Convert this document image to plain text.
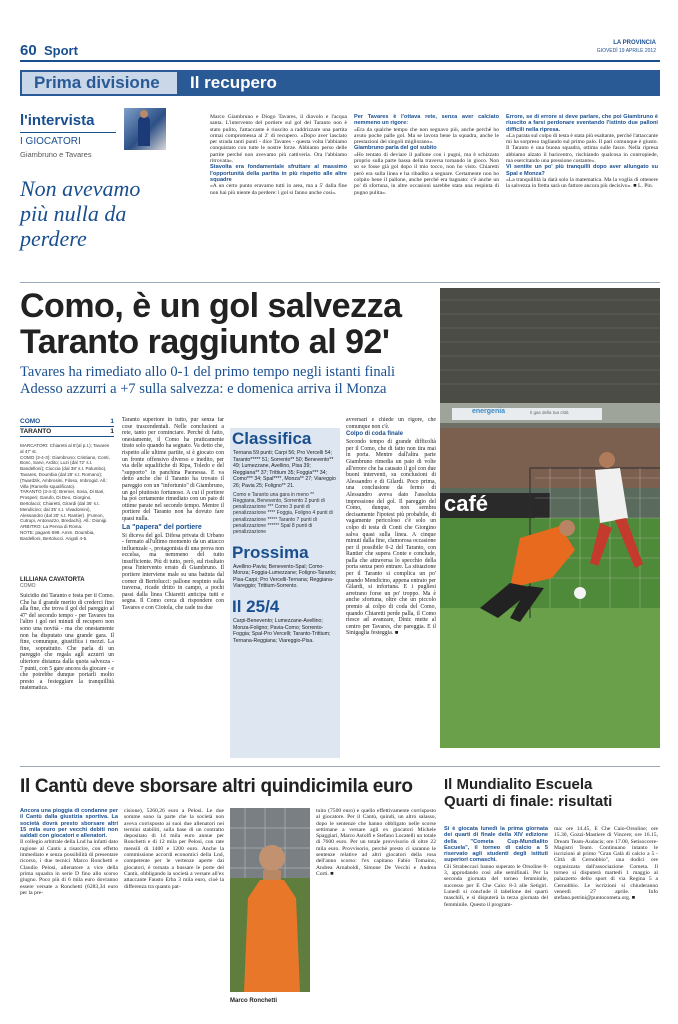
60 Sport	LA PROVINCIA
GIOVEDÌ 19 APRILE 2012
Prima divisione Il recupero
l'intervista
I GIOCATORI
Giambruno e Tavares
Non avevamo più nulla da perdere
Marco Giambruno e Diogo Tavares, il diavolo e l'acqua santa. L'intervento del portiere sul gol del Taranto non è stato pulito, l'attaccante è riuscito a raddrizzare una partita ormai compromessa al 2' di recupero. «Dopo aver lasciato per strada tanti punti - dice Tavares - questa volta l'abbiamo conquistato con tutte le nostre forze. Abbiamo perso delle partite perché non avevamo più cattiveria. Ora l'abbiamo ritrovata».
Stavolta era fondamentale sfruttare al massimo l'opportunità della partita in più rispetto alle altre squadre
«A un certo punto eravamo tutti in area, ma a 5' dalla fine non hai più niente da perdere: i gol si fanno anche così».
Per Tavares è l'ottava rete, senza aver calciato nemmeno un rigore:
«Era da qualche tempo che non segnavo più, anche perché ho avuto poche palle gol. Ma se lavora bene la squadra, anche le prestazioni dei singoli migliorano».
Giambruno parla del gol subito
«Ho tentato di deviare il pallone con i pugni, ma è schizzato proprio sulla parte bassa della traversa tornando in gioco. Non so se fosse già gol dopo il mio tocco, non ho visto. Chiaretti però era sulla linea e ha ribadito a segnare. Certamente non ho colpito bene il pallone, anche perché era bagnato: c'è anche un po' di sfortuna, in altre occasioni sarebbe stata una respinta di pugno pulita».
Errore, se di errore si deve parlare, che poi Giambruno è riuscito a farsi perdonare sventando l'istinto due palloni difficili nella ripresa.
«La parata sul colpo di testa è stata più esaltante, perché l'attaccante mi ha sorpreso tagliando sul primo palo. Il pari comunque è giusto. Il Taranto è una buona squadra, ottima sulle fasce. Nella ripresa abbiamo alzato il baricentro, rischiando qualcosa in contropiede, ma esercitando una pressione costante».
Vi sentite un po' più tranquilli dopo aver allungato su Spal e Monza?
«La tranquillità la darà solo la matematica. Ma la voglia di ottenere la salvezza in fretta sarà un fattore ancora più decisivo». ■ L. Pin.
Como, è un gol salvezza
Taranto raggiunto al 92'
Tavares ha rimediato allo 0-1 del primo tempo negli istanti finali
Adesso azzurri a +7 sulla salvezza: e domenica arriva il Monza
COMO	1
TARANTO	1
MARCATORI: Chiaretti al 5'(al p.t.); Tavares al 47' st.
COMO (3-4-3): Giambruno; Cristiano, Conti, Bonc, Sarvi, Ardito; Luzi (dal 72' s.t. Bandelloni); Ciuccia (dal 38' s.t. Palumbo), Tavares, Doumbia (dal 26' s.t. Romano); (Twardzik, Ambrosini, Filoso, Imbrogid. All.: Villa (Ramello squalificato).
TARANTO (3-4-3): Bremer, Sosa, Di Bari, Prosperi; Garufo, Di Deo, Giorgino, Bertolacci; Chiaretti, Girardi (dal 36' s.t. Mendicino; dal 35' s.t. Vivadomini), Alessandro (dal 20' s.t. Rantier). (Fumon, Cutrupi, Antonazzo, Bredachi). All.: Dionigi.
ARBITRO: La Penna di Roma.
NOTE: paganti 699. Amm. Doumbia, Bardelloni, Bertolucci. Angoli 4-5.
LILLIANA CAVATORTA
COMO
Suicidio del Taranto e festa per il Como. Che ha il grande merito di crederci fino alla fine, che trova il gol del pareggio al 47' del secondo tempo - per Tavares tra l'altro i gol nei minuti di recupero non sono una novità - ma che onestamente non ha disputato una grande gara. Il fine, comunque, giustifica i mezzi. La fine, soprattutto. Che parla di un pareggio che regala agli azzurri un ulteriore distanza dalla quota salvezza - 7 punti, con 5 gare ancora da giocare - e che potrebbe dunque portarli molto presto a festeggiare la tranquillità matematica.
Taranto superiore in tutto, pur senza far cose trascendentali. Nelle conclusioni a rete, tanto per cominciare. Perché di fatto, onestamente, il Como ha praticamente tirato solo quando ha segnato. Va detto che, rispetto alle ultime partite, si è giocato con un fronte offensivo diverso e inedito, per via delle squalifiche di Ripa, Toledo e del "supporto" in panchina Paonessa. E va detto anche che il Taranto ha trovato il pareggio con un "infortunio" di Giambruno, un gol piuttosto fortunoso. A cui il portiere ha poi certamente rimediato con un paio di ottime parate nel secondo tempo. Mentre il portiere del Taranto non ha dovuto fare quasi nulla.
La "papera" del portiere
Si diceva del gol. Difesa privata di Urbano - fermato all'ultimo momento da un attacco influenzale -, protagonista di una prova non eccelsa, ma nemmeno del tutto insufficiente. Più di tutto, però, sul risultato pesa l'intervento errato di Giambruno. Il portiere interviene male su una battuta dal corner di Bertolucci: pallone respinto sulla traversa, ricade dritto in campo, a pochi passi dalla linea Chiaretti anticipa tutti e segna. Il Como cerca di rispondere con Tavares e con Ciotola, che cade tra due
Classifica
Ternana 59 punti; Carpi 56; Pro Vercelli 54; Taranto***** 51; Sorrento** 50; Benevento** 49; Lumezzane, Avellino, Pisa 39; Reggiana** 37; Trittium 35; Foggia*** 34; Como*** 34; Spal****, Monza** 27; Viareggio 26; Pavia 25; Foligno** 21.
Como e Taranto una gara in meno ** Reggiana, Benevento, Sorrento 2 punti di penalizzazione *** Como 3 punti di penalizzazione **** Foggia, Foligno 4 punti di penalizzazione ***** Taranto 7 punti di penalizzazione ****** Spal 8 punti di penalizzazione
Prossima
Avellino-Pavia; Benevento-Spal; Como-Monza; Foggia-Lumezzane; Foligno-Taranto; Pisa-Carpi; Pro Vercelli-Ternana; Reggiana-Viareggio; Trittium-Sorrento.
Il 25/4
Carpi-Benevento; Lumezzane-Avellino; Monza-Foligno; Pavia-Como; Sorrento-Foggia; Spal-Pro Vercelli; Taranto-Trittium; Ternana-Reggiana; Viareggio-Pisa.
avversari e chiede un rigore, che comunque non c'è.
Colpo di coda finale
Secondo tempo di grande difficoltà per il Como, che di fatto non tira mai in porta. Mentre dall'altra parte Giambruno rimedia un paio di volte all'errore che ha causato il gol con due buoni interventi, su conclusioni di Alessandro e di Gilardi. Poco prima, una conclusione da fermo di Alessandro aveva dato l'assoluta impressione del gol. Il pareggio del Como, dunque, non sembra decisamente l'ipotesi più probabile, di vagamente pericoloso c'è solo un colpo di testa di Conti che Giorgino salva quasi sulla linea. A cinque minuti dalla fine, clamorosa occasione per il possibile 0-2 del Taranto, con Rantier che supera Conte e conclude, palla che attraversa lo specchio della porta senza però entrare. La situazione per il Taranto si complica un po' quando Mendicino, appena entrato per Gilardi, si infortuna. E i pugliesi arretrano forse un po' troppo. Ma è anche sfortuna, oltre che un piccolo premio al colpo di coda del Como, quando Chiaretti perde palla, il Como riesce ad avanzare, Dinic mette al centro per Tavares, che pareggia. E il Sinigaglia festeggia. ■
energenia	Il gas della tua città
café
Il Cantù deve sborsare altri quindicimila euro
Ancora una pioggia di condanne per il Cantù dalla giustizia sportiva. La società dovrà presto sborsare altri 15 mila euro per vecchi debiti non saldati con giocatori e allenatori.
Il collegio arbitrale della Lnd ha infatti dato ragione al Cantù a risarcire, con effetto immediato e senza possibilità di presentare ricorso, i due tecnici Marco Ronchetti e Claudio Pelosi, allenatore a vice della prima squadra in serie D fino allo scorso giugno. Poco più di 6 mila euro dovranno essere versate a Ronchetti (6283,34 euro per la pre-
cisione), 5260,26 euro a Pelosi. Le due somme sono la parte che la società non aveva corrisposto ai suoi due allenatori nei termini stabiliti, sulla base di un contratto depositato di 14 mila euro annue per Ronchetti e di 12 mila per Pelosi, con rate mensili di 1400 e 1200 euro. Anche la commissione accordi economici della Lnd, competente per le vertenze aperte dai giocatori, è tornata a bussare le porte del Cantù, obbligando la società a versare all'ex attaccante Fausto Erba 3 mila euro, cioè la differenza tra quanto pat-
Marco Ronchetti
tuito (7500 euro) e quello effettivamente corrisposto al giocatore. Per il Cantù, quindi, un altro salasso, dopo le sentenze che hanno obbligato nelle scorse settimane a versare agli ex giocatori Michele Spaggiari, Marco Astolfi e Stefano Locatelli un totale di 7600 euro. Per un totale provvisorio di oltre 22 mila euro. Provvisorio, perché presto ci saranno le sentenze relative ad altri giocatori della rosa dell'anno scorso: l'ex capitano Fabio Tomaino, Andrea Arnaboldi, Simone De Vecchi e Andrea Corti. ■
Il Mundialito Escuela
Quarti di finale: risultati
Si è giocata lunedì la prima giornata dei quarti di finale della XIV edizione della "Cometa Cup-Mundialito Escuela", il torneo di calcio a 5 riservato agli studenti degli istituti superiori comaschi.
Gli Strabeccaci hanno superato le Orsoline 8-3, approdando così alle semifinali. Per la seconda giornata del torneo femminile, successo per E Che Caio: 8-3 alle Setigiri. Lunedì si conclude il tabellone dei quarti maschili, e si disputerà la terza giornata del femminile. Questo il program-
ma: ore 14.45, E Che Caio-Orsoline; ore 15.30, Gozzi-Mastiere di Vincere; ore 16.15, Dream Team-Audacis; ore 17.00, Setisoccere-Magistri Team. Continuano intanto le iscrizioni al primo "Gran Galà di calcio a 5 - Città di Cernobbio", una dodici ore organizzata dall'associazione Cometa. Il torneo si disputerà martedì 1 maggio al palazzetto dello sport di via Regina 5 a Cernobbio. Le iscrizioni si chiuderanno venerdì 27 aprile. Info stefano.petrini@puntocometa.org. ■
